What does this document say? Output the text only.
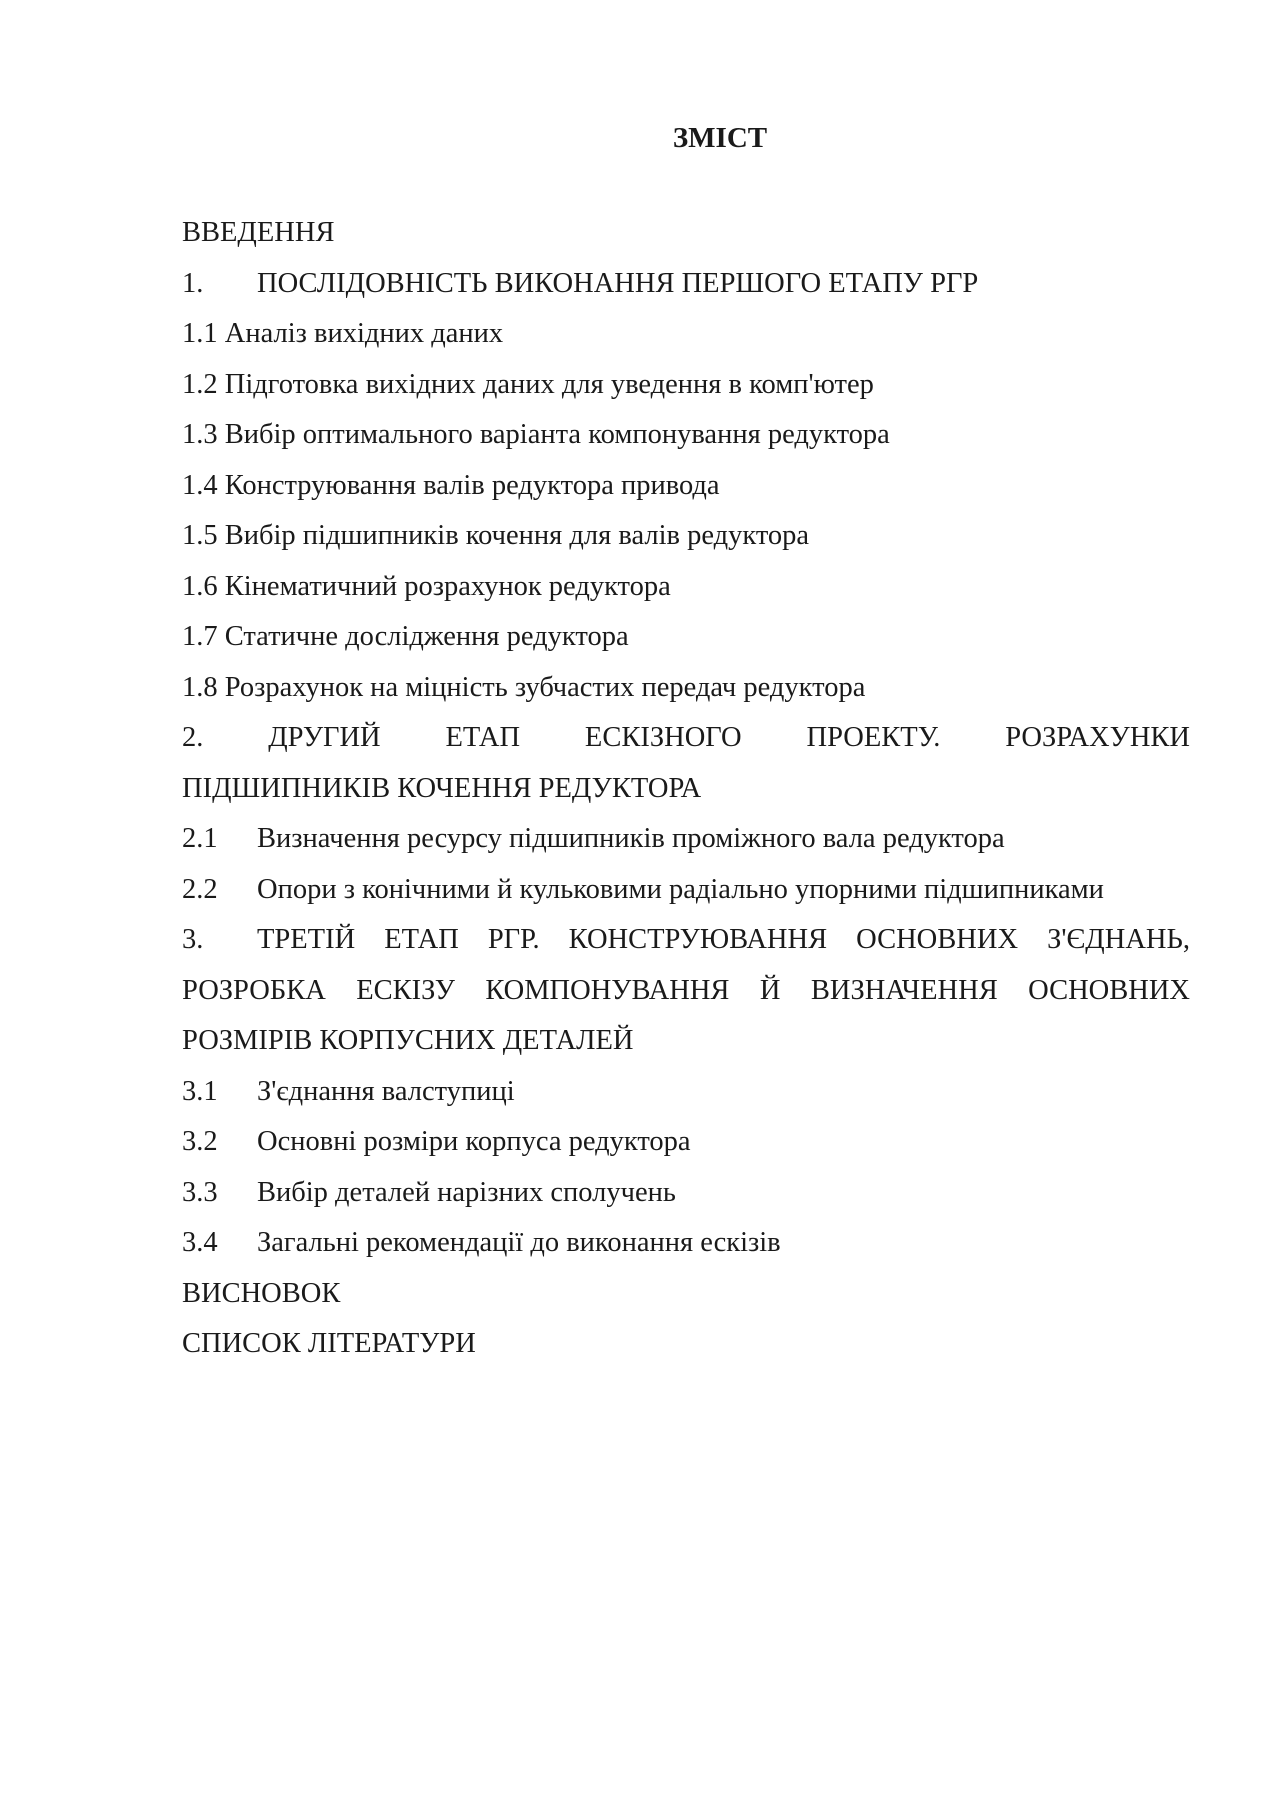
ЗМІСТ
ВВЕДЕННЯ
1.	ПОСЛІДОВНІСТЬ ВИКОНАННЯ ПЕРШОГО ЕТАПУ РГР
1.1 Аналіз вихідних даних
1.2 Підготовка вихідних даних для уведення в комп'ютер
1.3 Вибір оптимального варіанта компонування редуктора
1.4 Конструювання валів редуктора привода
1.5 Вибір підшипників кочення для валів редуктора
1.6 Кінематичний розрахунок редуктора
1.7 Статичне дослідження редуктора
1.8 Розрахунок на міцність зубчастих передач редуктора
2. ДРУГИЙ ЕТАП ЕСКІЗНОГО ПРОЕКТУ. РОЗРАХУНКИ
ПІДШИПНИКІВ КОЧЕННЯ РЕДУКТОРА
2.1	Визначення ресурсу підшипників проміжного вала редуктора
2.2	Опори з конічними й кульковими радіально упорними підшипниками
3.	ТРЕТІЙ ЕТАП РГР. КОНСТРУЮВАННЯ ОСНОВНИХ З'ЄДНАНЬ,
РОЗРОБКА ЕСКІЗУ КОМПОНУВАННЯ Й ВИЗНАЧЕННЯ ОСНОВНИХ
РОЗМІРІВ КОРПУСНИХ ДЕТАЛЕЙ
3.1	З'єднання валступиці
3.2	Основні розміри корпуса редуктора
3.3	Вибір деталей нарізних сполучень
3.4	Загальні рекомендації до виконання ескізів
ВИСНОВОК
СПИСОК ЛІТЕРАТУРИ
